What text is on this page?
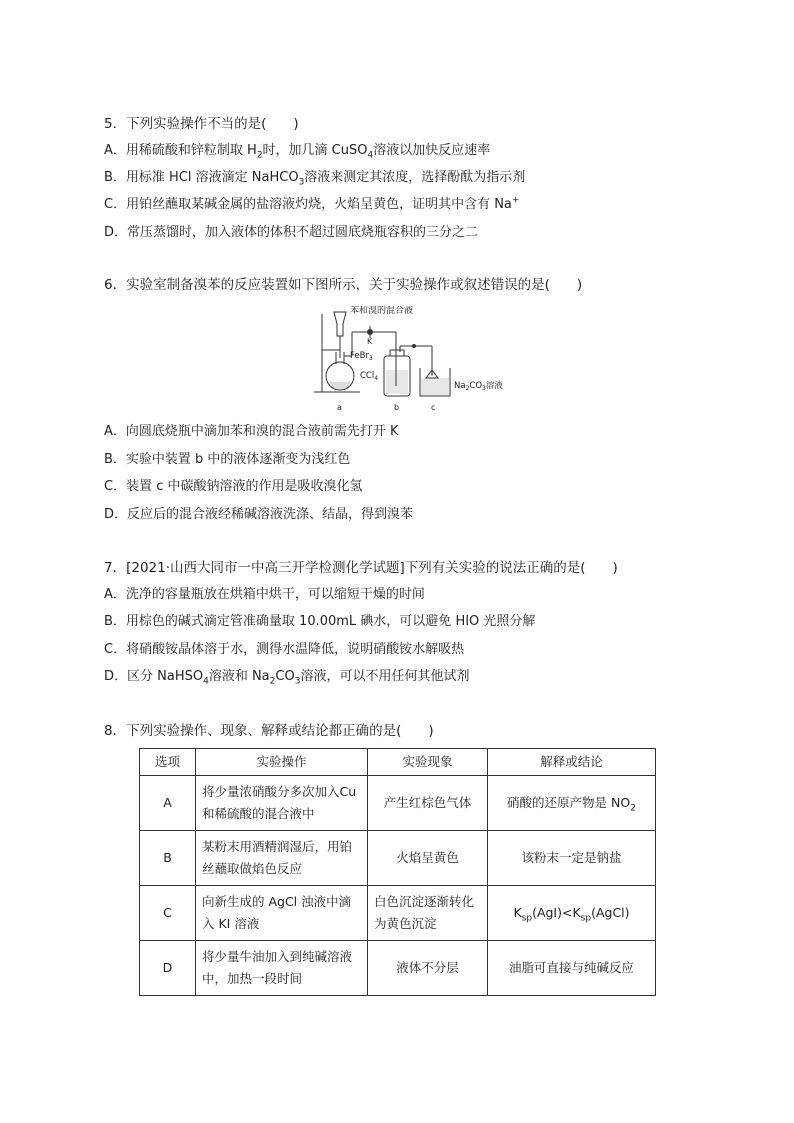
5．下列实验操作不当的是(　　)
A．用稀硫酸和锌粒制取 $H_2$时，加几滴 CuSO$_4$溶液以加快反应速率
B．用标准 HCl 溶液滴定 NaHCO$_3$溶液来测定其浓度，选择酚酞为指示剂
C．用铂丝蘸取某碱金属的盐溶液灼烧，火焰呈黄色，证明其中含有 Na+
D．常压蒸馏时，加入液体的体积不超过圆底烧瓶容积的三分之二
6．实验室制备溴苯的反应装置如下图所示，关于实验操作或叙述错误的是(　　)
苯和溴的混合液
K
FeBr$_3$
CCl$_4$
$Na_2CO_3$溶液
a	b	c
A．向圆底烧瓶中滴加苯和溴的混合液前需先打开 K
B．实验中装置 b 中的液体逐渐变为浅红色
C．装置 c 中碳酸钠溶液的作用是吸收溴化氢
D．反应后的混合液经稀碱溶液洗涤、结晶，得到溴苯
7．[2021·山西大同市一中高三开学检测化学试题]下列有关实验的说法正确的是(　　)
A．洗净的容量瓶放在烘箱中烘干，可以缩短干燥的时间
B．用棕色的碱式滴定管准确量取 10.00mL 碘水，可以避免 HIO 光照分解
C．将硝酸铵晶体溶于水，测得水温降低，说明硝酸铵水解吸热
D．区分 NaHSO$_4$溶液和 $Na_2CO_3$溶液，可以不用任何其他试剂
8．下列实验操作、现象、解释或结论都正确的是(　　)
选项	实验操作	实验现象	解释或结论
A	将少量浓硝酸分多次加入Cu和稀硫酸的混合液中	产生红棕色气体	硝酸的还原产物是 $NO_2$
B	某粉末用酒精润湿后，用铂丝蘸取做焰色反应	火焰呈黄色	该粉末一定是钠盐
C	向新生成的 AgCl 浊液中滴入 KI 溶液	白色沉淀逐渐转化为黄色沉淀	$K_{sp}(AgI)<K_{sp}(AgCl)$
D	将少量牛油加入到纯碱溶液中，加热一段时间	液体不分层	油脂可直接与纯碱反应
